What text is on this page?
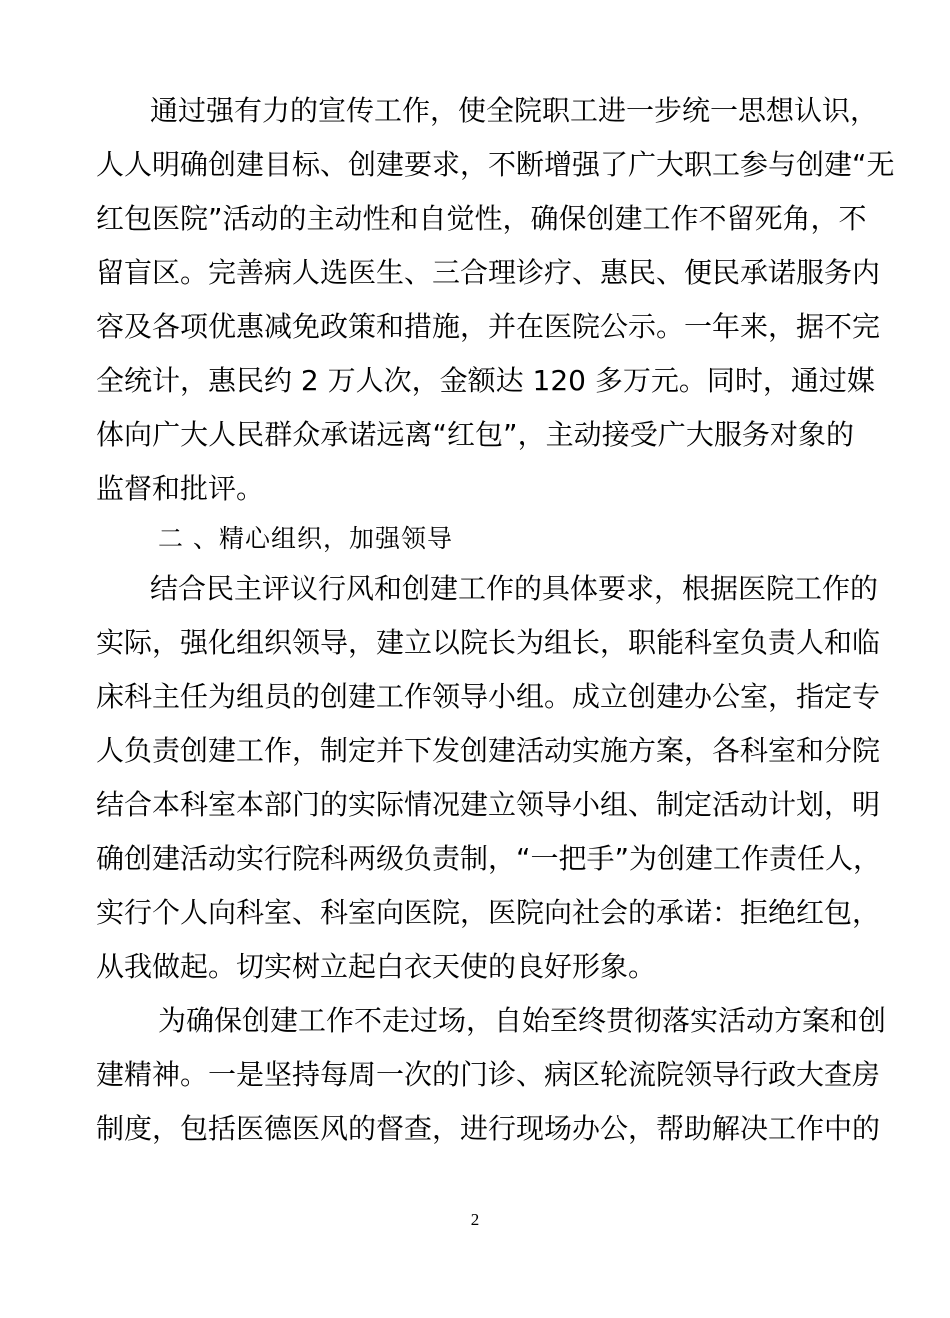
通过强有力的宣传工作，使全院职工进一步统一思想认识，
人人明确创建目标、创建要求，不断增强了广大职工参与创建“无
红包医院”活动的主动性和自觉性，确保创建工作不留死角，不
留盲区。完善病人选医生、三合理诊疗、惠民、便民承诺服务内
容及各项优惠减免政策和措施，并在医院公示。一年来，据不完
全统计，惠民约 2 万人次，金额达 120 多万元。同时，通过媒
体向广大人民群众承诺远离“红包”，主动接受广大服务对象的
监督和批评。
二 、精心组织，加强领导
结合民主评议行风和创建工作的具体要求，根据医院工作的
实际，强化组织领导，建立以院长为组长，职能科室负责人和临
床科主任为组员的创建工作领导小组。成立创建办公室，指定专
人负责创建工作，制定并下发创建活动实施方案，各科室和分院
结合本科室本部门的实际情况建立领导小组、制定活动计划，明
确创建活动实行院科两级负责制，“一把手”为创建工作责任人，
实行个人向科室、科室向医院，医院向社会的承诺：拒绝红包，
从我做起。切实树立起白衣天使的良好形象。
为确保创建工作不走过场，自始至终贯彻落实活动方案和创
建精神。一是坚持每周一次的门诊、病区轮流院领导行政大查房
制度，包括医德医风的督查，进行现场办公，帮助解决工作中的
2
